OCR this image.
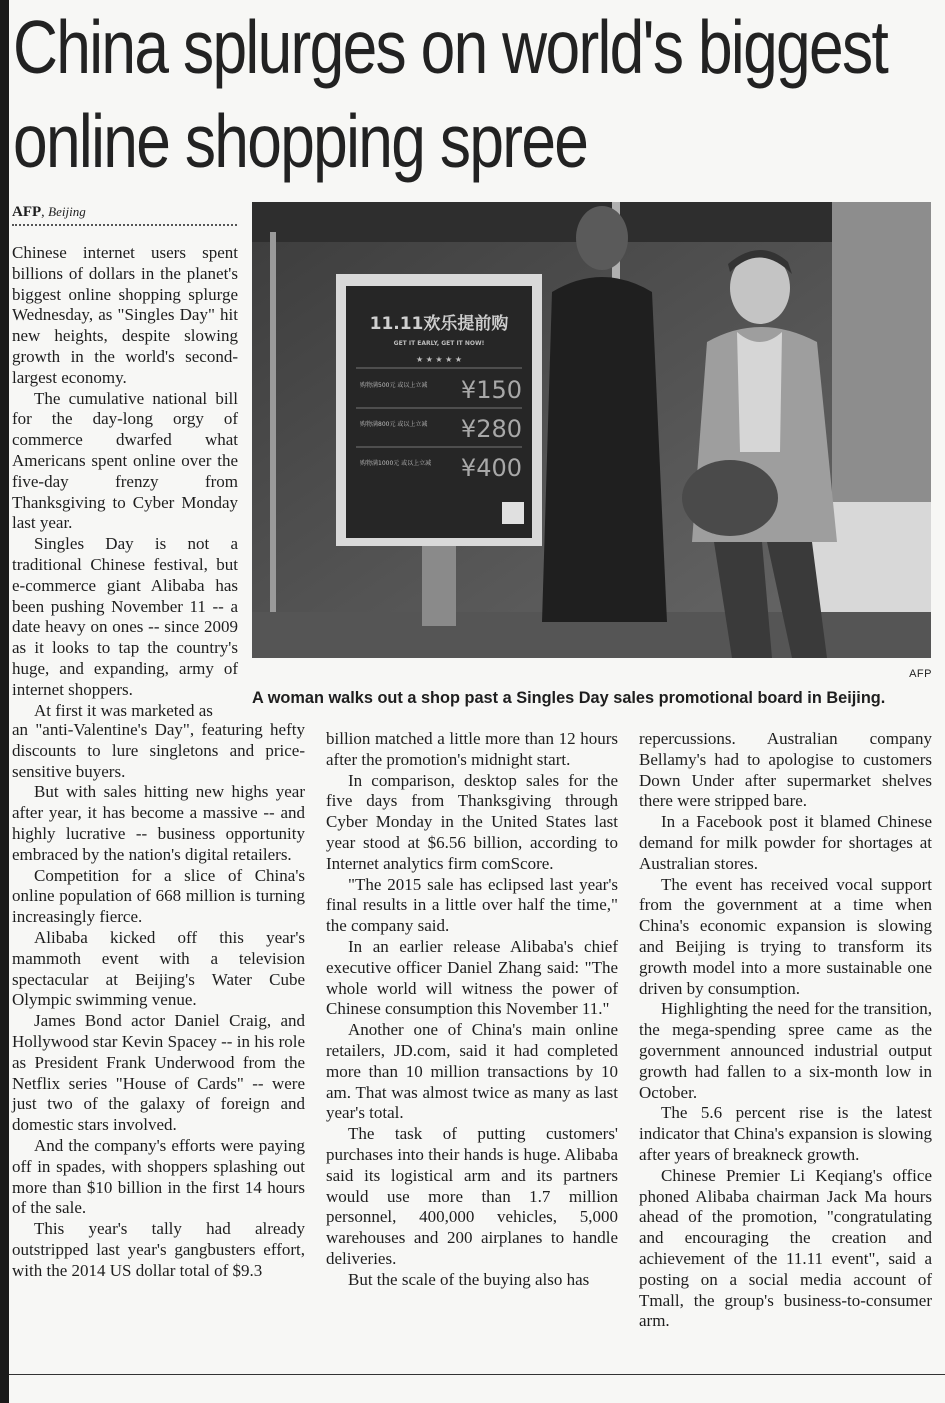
China splurges on world's biggest
online shopping spree
AFP, Beijing

Chinese internet users spent billions of dollars in the planet's biggest online shopping splurge Wednesday, as "Singles Day" hit new heights, despite slowing growth in the world's second-largest economy.

The cumulative national bill for the day-long orgy of commerce dwarfed what Americans spent online over the five-day frenzy from Thanksgiving to Cyber Monday last year.

Singles Day is not a traditional Chinese festival, but e-commerce giant Alibaba has been pushing November 11 -- a date heavy on ones -- since 2009 as it looks to tap the country's huge, and expanding, army of internet shoppers.

At first it was marketed as

11.11欢乐提前购
GET IT EARLY, GET IT NOW!
★ ★ ★ ★ ★
购物满500元 或以上立减 ¥150
购物满800元 或以上立减 ¥280
购物满1000元 或以上立减 ¥400
AFP
A woman walks out a shop past a Singles Day sales promotional board in Beijing.

an "anti-Valentine's Day", featuring hefty discounts to lure singletons and price-sensitive buyers.

But with sales hitting new highs year after year, it has become a massive -- and highly lucrative -- business opportunity embraced by the nation's digital retailers.

Competition for a slice of China's online population of 668 million is turning increasingly fierce.

Alibaba kicked off this year's mammoth event with a television spectacular at Beijing's Water Cube Olympic swimming venue.

James Bond actor Daniel Craig, and Hollywood star Kevin Spacey -- in his role as President Frank Underwood from the Netflix series "House of Cards" -- were just two of the galaxy of foreign and domestic stars involved.

And the company's efforts were paying off in spades, with shoppers splashing out more than $10 billion in the first 14 hours of the sale.

This year's tally had already outstripped last year's gangbusters effort, with the 2014 US dollar total of $9.3

billion matched a little more than 12 hours after the promotion's midnight start.

In comparison, desktop sales for the five days from Thanksgiving through Cyber Monday in the United States last year stood at $6.56 billion, according to Internet analytics firm comScore.

"The 2015 sale has eclipsed last year's final results in a little over half the time," the company said.

In an earlier release Alibaba's chief executive officer Daniel Zhang said: "The whole world will witness the power of Chinese consumption this November 11."

Another one of China's main online retailers, JD.com, said it had completed more than 10 million transactions by 10 am. That was almost twice as many as last year's total.

The task of putting customers' purchases into their hands is huge. Alibaba said its logistical arm and its partners would use more than 1.7 million personnel, 400,000 vehicles, 5,000 warehouses and 200 airplanes to handle deliveries.

But the scale of the buying also has

repercussions. Australian company Bellamy's had to apologise to customers Down Under after supermarket shelves there were stripped bare.

In a Facebook post it blamed Chinese demand for milk powder for shortages at Australian stores.

The event has received vocal support from the government at a time when China's economic expansion is slowing and Beijing is trying to transform its growth model into a more sustainable one driven by consumption.

Highlighting the need for the transition, the mega-spending spree came as the government announced industrial output growth had fallen to a six-month low in October.

The 5.6 percent rise is the latest indicator that China's expansion is slowing after years of breakneck growth.

Chinese Premier Li Keqiang's office phoned Alibaba chairman Jack Ma hours ahead of the promotion, "congratulating and encouraging the creation and achievement of the 11.11 event", said a posting on a social media account of Tmall, the group's business-to-consumer arm.
